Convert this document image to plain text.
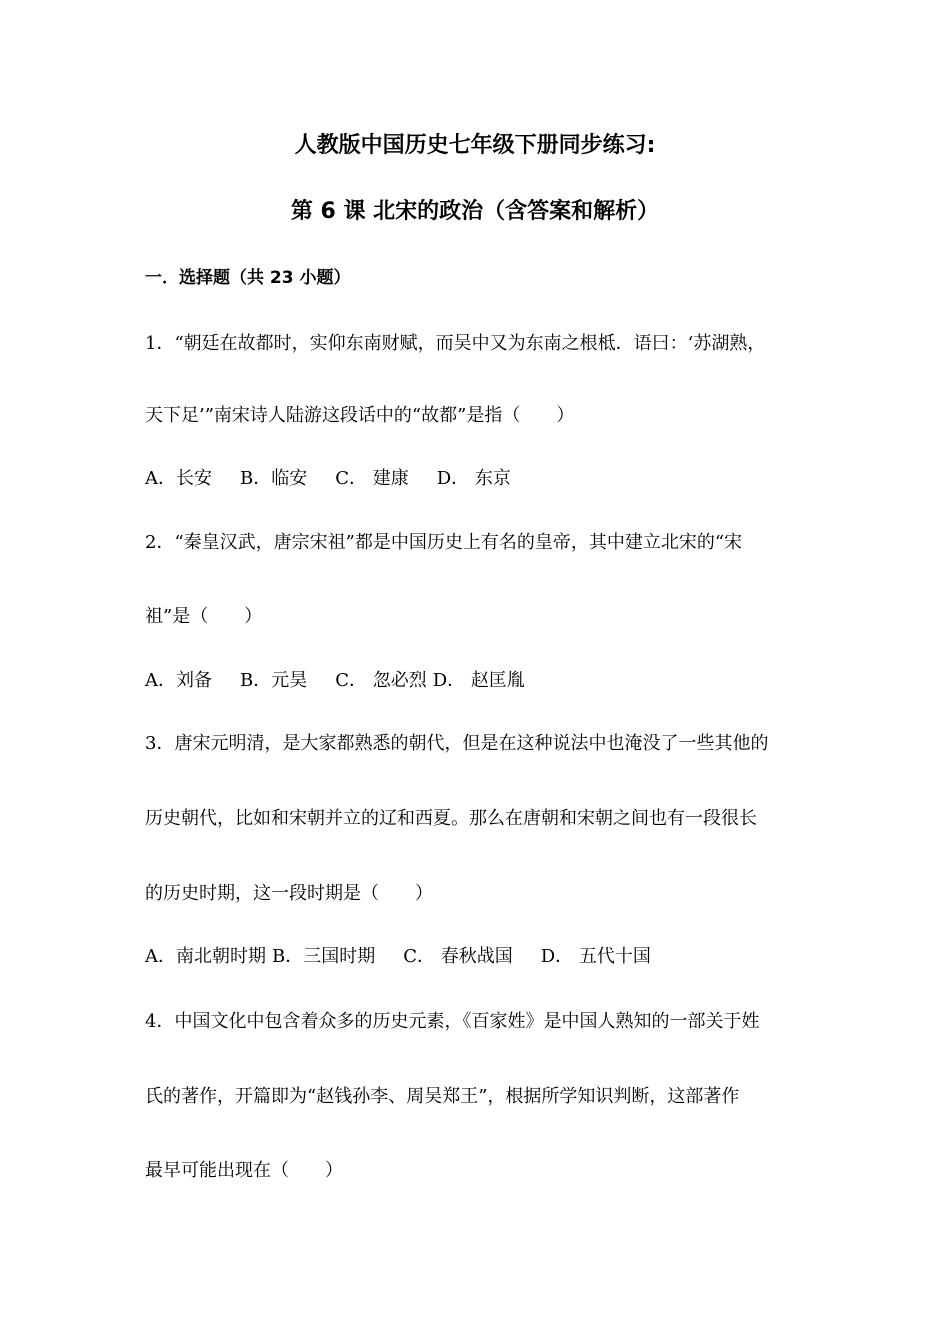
人教版中国历史七年级下册同步练习:
第 6 课 北宋的政治（含答案和解析）
一．选择题（共 23 小题）
1．“朝廷在故都时，实仰东南财赋，而吴中又为东南之根柢．语曰：‘苏湖熟，
天下足’”南宋诗人陆游这段话中的“故都”是指（　　）
A．长安 B．临安 C． 建康 D． 东京
2．“秦皇汉武，唐宗宋祖”都是中国历史上有名的皇帝，其中建立北宋的“宋
祖”是（　　）
A．刘备 B．元昊 C． 忽必烈 D． 赵匡胤
3．唐宋元明清，是大家都熟悉的朝代，但是在这种说法中也淹没了一些其他的
历史朝代，比如和宋朝并立的辽和西夏。那么在唐朝和宋朝之间也有一段很长
的历史时期，这一段时期是（　　）
A．南北朝时期 B．三国时期 C． 春秋战国 D． 五代十国
4．中国文化中包含着众多的历史元素，《百家姓》是中国人熟知的一部关于姓
氏的著作，开篇即为“赵钱孙李、周吴郑王”，根据所学知识判断，这部著作
最早可能出现在（　　）
